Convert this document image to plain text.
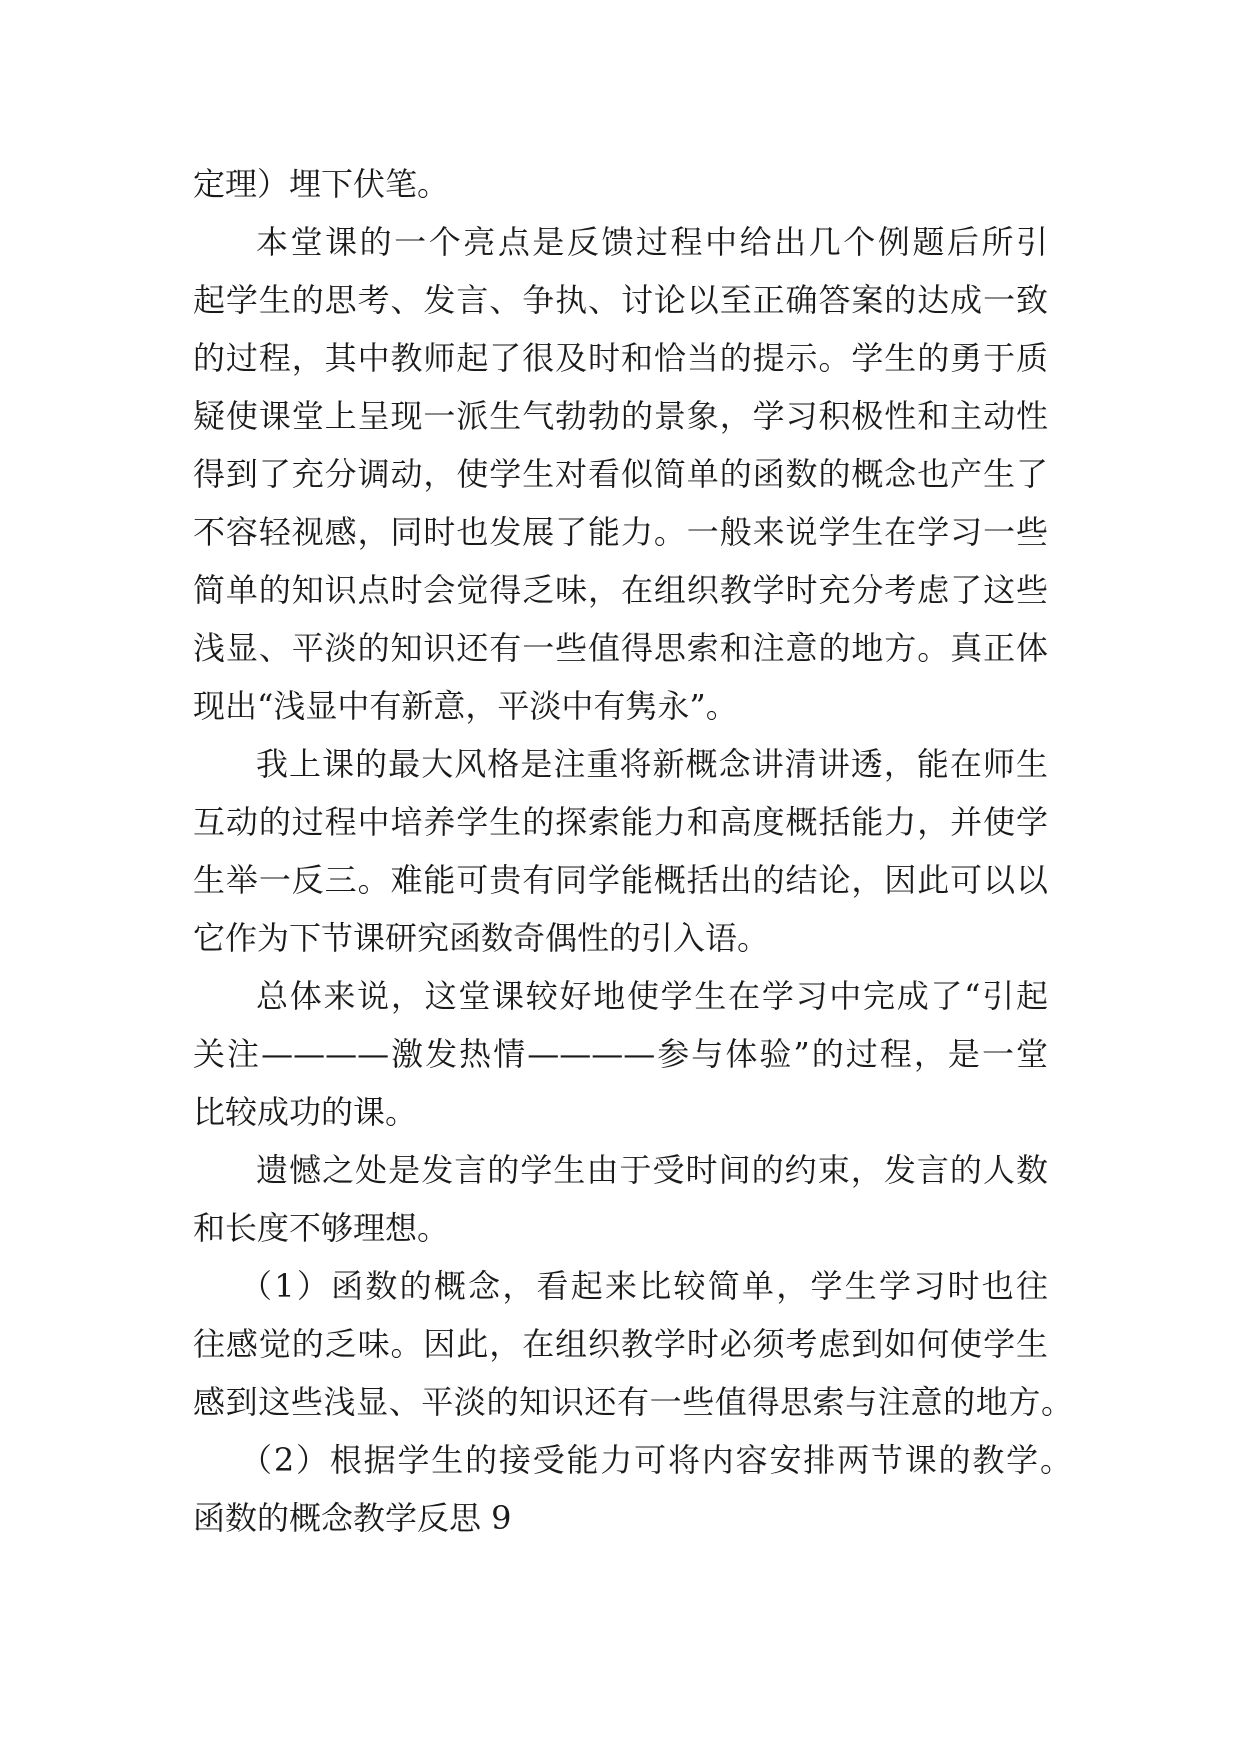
定理）埋下伏笔。
本堂课的一个亮点是反馈过程中给出几个例题后所引
起学生的思考、发言、争执、讨论以至正确答案的达成一致
的过程，其中教师起了很及时和恰当的提示。学生的勇于质
疑使课堂上呈现一派生气勃勃的景象，学习积极性和主动性
得到了充分调动，使学生对看似简单的函数的概念也产生了
不容轻视感，同时也发展了能力。一般来说学生在学习一些
简单的知识点时会觉得乏味，在组织教学时充分考虑了这些
浅显、平淡的知识还有一些值得思索和注意的地方。真正体
现出“浅显中有新意，平淡中有隽永”。
我上课的最大风格是注重将新概念讲清讲透，能在师生
互动的过程中培养学生的探索能力和高度概括能力，并使学
生举一反三。难能可贵有同学能概括出的结论，因此可以以
它作为下节课研究函数奇偶性的引入语。
总体来说，这堂课较好地使学生在学习中完成了“引起
关注————激发热情————参与体验”的过程，是一堂
比较成功的课。
遗憾之处是发言的学生由于受时间的约束，发言的人数
和长度不够理想。
（1）函数的概念，看起来比较简单，学生学习时也往
往感觉的乏味。因此，在组织教学时必须考虑到如何使学生
感到这些浅显、平淡的知识还有一些值得思索与注意的地方。
（2）根据学生的接受能力可将内容安排两节课的教学。
函数的概念教学反思 9
